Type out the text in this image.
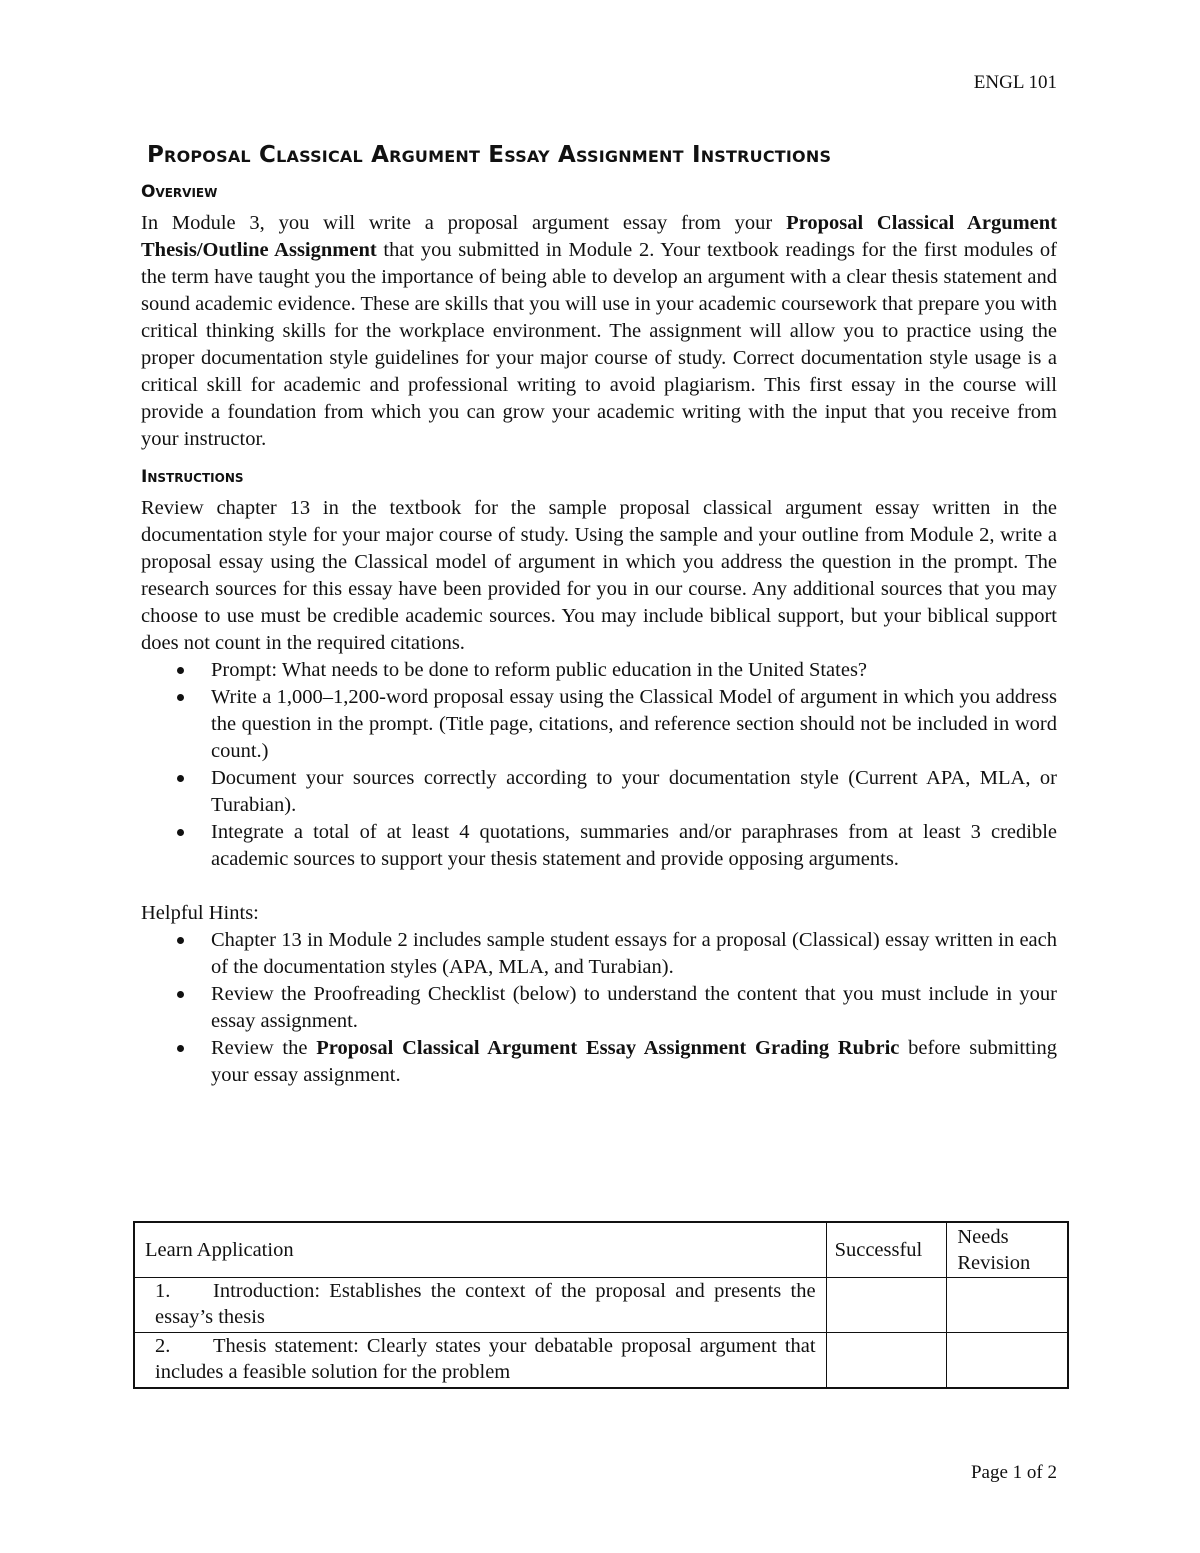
ENGL 101
Proposal Classical Argument Essay Assignment Instructions
Overview

In Module 3, you will write a proposal argument essay from your Proposal Classical Argument Thesis/Outline Assignment that you submitted in Module 2. Your textbook readings for the first modules of the term have taught you the importance of being able to develop an argument with a clear thesis statement and sound academic evidence. These are skills that you will use in your academic coursework that prepare you with critical thinking skills for the workplace environment. The assignment will allow you to practice using the proper documentation style guidelines for your major course of study. Correct documentation style usage is a critical skill for academic and professional writing to avoid plagiarism. This first essay in the course will provide a foundation from which you can grow your academic writing with the input that you receive from your instructor.

Instructions

Review chapter 13 in the textbook for the sample proposal classical argument essay written in the documentation style for your major course of study. Using the sample and your outline from Module 2, write a proposal essay using the Classical model of argument in which you address the question in the prompt. The research sources for this essay have been provided for you in our course. Any additional sources that you may choose to use must be credible academic sources. You may include biblical support, but your biblical support does not count in the required citations.

Prompt: What needs to be done to reform public education in the United States?
Write a 1,000–1,200-word proposal essay using the Classical Model of argument in which you address the question in the prompt. (Title page, citations, and reference section should not be included in word count.)
Document your sources correctly according to your documentation style (Current APA, MLA, or Turabian).
Integrate a total of at least 4 quotations, summaries and/or paraphrases from at least 3 credible academic sources to support your thesis statement and provide opposing arguments.

Helpful Hints:

Chapter 13 in Module 2 includes sample student essays for a proposal (Classical) essay written in each of the documentation styles (APA, MLA, and Turabian).
Review the Proofreading Checklist (below) to understand the content that you must include in your essay assignment.
Review the Proposal Classical Argument Essay Assignment Grading Rubric before submitting your essay assignment.
Learn Application	Successful	Needs Revision
1. Introduction: Establishes the context of the proposal and presents the essay’s thesis		
2. Thesis statement: Clearly states your debatable proposal argument that includes a feasible solution for the problem		
Page 1 of 2
